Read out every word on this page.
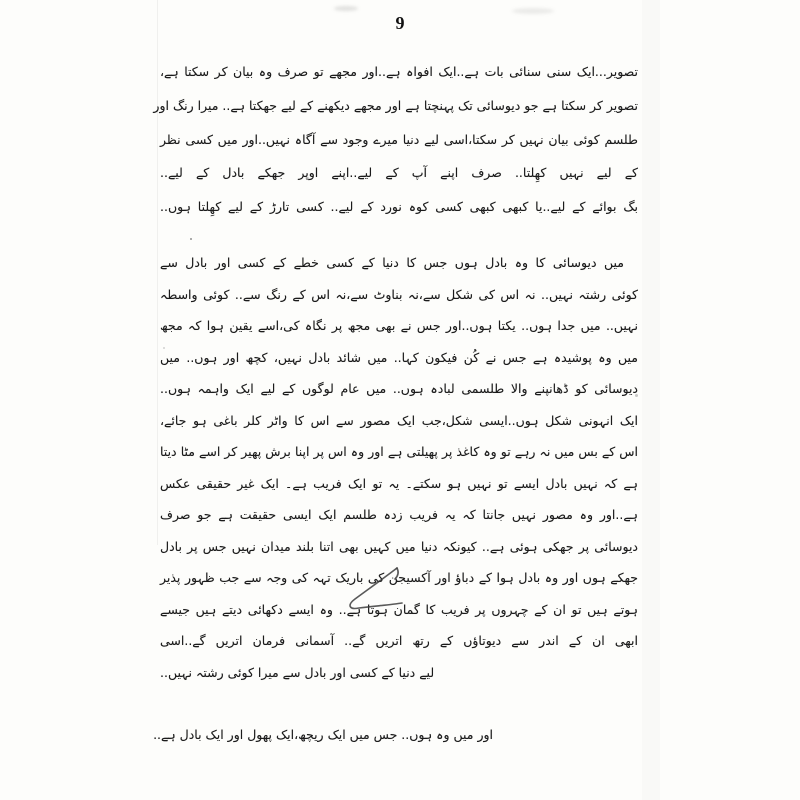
9
تصویر...ایک سنی سنائی بات ہے..ایک افواہ ہے..اور مجھے تو صرف وہ بیان کر سکتا ہے،
تصویر کر سکتا ہے جو دیوسائی تک پہنچتا ہے اور مجھے دیکھنے کے لیے جھکتا ہے.. میرا رنگ اور
طلسم کوئی بیان نہیں کر سکتا،اسی لیے دنیا میرے وجود سے آگاہ نہیں..اور میں کسی نظر
کے لیے نہیں کھِلتا.. صرف اپنے آپ کے لیے..اپنے اوپر جھکے بادل کے لیے..
بگ بوائے کے لیے..یا کبھی کبھی کسی کوہ نورد کے لیے.. کسی تارڑ کے لیے کھِلتا ہوں..
میں دیوسائی کا وہ بادل ہوں جس کا دنیا کے کسی خطے کے کسی اور بادل سے
کوئی رشتہ نہیں.. نہ اس کی شکل سے،نہ بناوٹ سے،نہ اس کے رنگ سے.. کوئی واسطہ
نہیں.. میں جدا ہوں.. یکتا ہوں..اور جس نے بھی مجھ پر نگاہ کی،اسے یقین ہوا کہ مجھ
میں وہ پوشیدہ ہے جس نے کُن فیکون کہا.. میں شائد بادل نہیں، کچھ اور ہوں.. میں
دیوسائی کو ڈھانپنے والا طلسمی لبادہ ہوں.. میں عام لوگوں کے لیے ایک واہمہ ہوں..
ایک انہونی شکل ہوں..ایسی شکل،جب ایک مصور سے اس کا واٹر کلر باغی ہو جائے،
اس کے بس میں نہ رہے تو وہ کاغذ پر پھیلتی ہے اور وہ اس پر اپنا برش پھیر کر اسے مٹا دیتا
ہے کہ نہیں بادل ایسے تو نہیں ہو سکتے۔ یہ تو ایک فریب ہے۔ ایک غیر حقیقی عکس
ہے..اور وہ مصور نہیں جانتا کہ یہ فریب زدہ طلسم ایک ایسی حقیقت ہے جو صرف
دیوسائی پر جھکی ہوئی ہے.. کیونکہ دنیا میں کہیں بھی اتنا بلند میدان نہیں جس پر بادل
جھکے ہوں اور وہ بادل ہوا کے دباؤ اور آکسیجن کی باریک تہہ کی وجہ سے جب ظہور پذیر
ہوتے ہیں تو ان کے چہروں پر فریب کا گمان ہوتا ہے.. وہ ایسے دکھائی دیتے ہیں جیسے
ابھی ان کے اندر سے دیوتاؤں کے رتھ اتریں گے.. آسمانی فرمان اتریں گے..اسی
لیے دنیا کے کسی اور بادل سے میرا کوئی رشتہ نہیں..
اور میں وہ ہوں.. جس میں ایک ریچھ،ایک پھول اور ایک بادل ہے..
